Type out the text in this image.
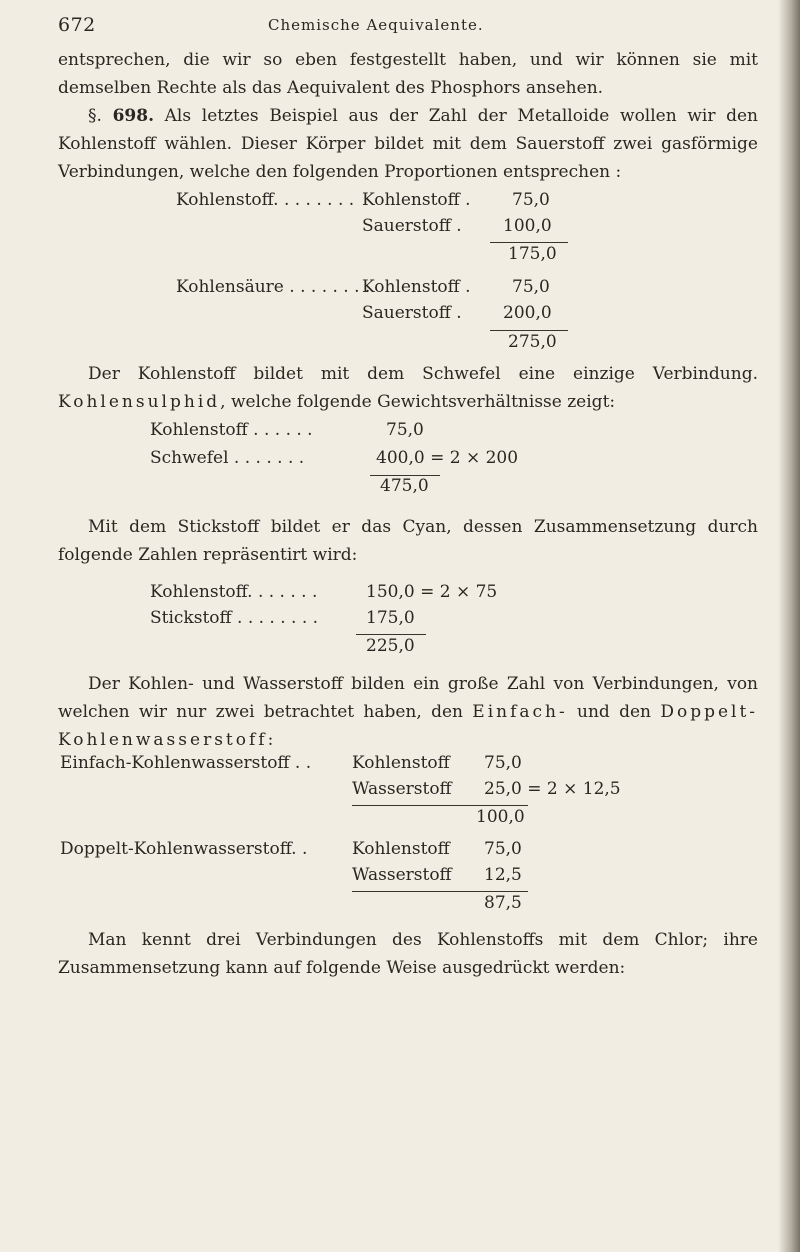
672	Chemische Aequivalente.

entsprechen, die wir so eben festgestellt haben, und wir können sie mit demselben Rechte als das Aequivalent des Phosphors ansehen.

§. 698. Als letztes Beispiel aus der Zahl der Metalloide wollen wir den Kohlenstoff wählen. Dieser Körper bildet mit dem Sauerstoff zwei gasförmige Verbindungen, welche den folgenden Proportionen entsprechen :

Kohlenstoff. . . . . . . . Kohlenstoff . 75,0
Sauerstoff . 100,0
175,0
Kohlensäure . . . . . . . .
Kohlenstoff . 75,0
Sauerstoff . 200,0
275,0

Der Kohlenstoff bildet mit dem Schwefel eine einzige Verbindung. Kohlensulphid, welche folgende Gewichtsverhältnisse zeigt:

Kohlenstoff . . . . . .	75,0
Schwefel . . . . . . .	400,0 = 2 × 200
475,0

Mit dem Stickstoff bildet er das Cyan, dessen Zusammensetzung durch folgende Zahlen repräsentirt wird:

Kohlenstoff. . . . . . .	150,0 = 2 × 75
Stickstoff . . . . . . . .	175,0
225,0

Der Kohlen- und Wasserstoff bilden ein große Zahl von Verbindungen, von welchen wir nur zwei betrachtet haben, den Einfach- und den Doppelt-Kohlenwasserstoff:

Einfach-Kohlenwasserstoff . . Kohlenstoff 75,0
Wasserstoff 25,0 = 2 × 12,5
100,0
Doppelt-Kohlenwasserstoff. .	Kohlenstoff 75,0
Wasserstoff 12,5
87,5

Man kennt drei Verbindungen des Kohlenstoffs mit dem Chlor; ihre Zusammensetzung kann auf folgende Weise ausgedrückt werden:
